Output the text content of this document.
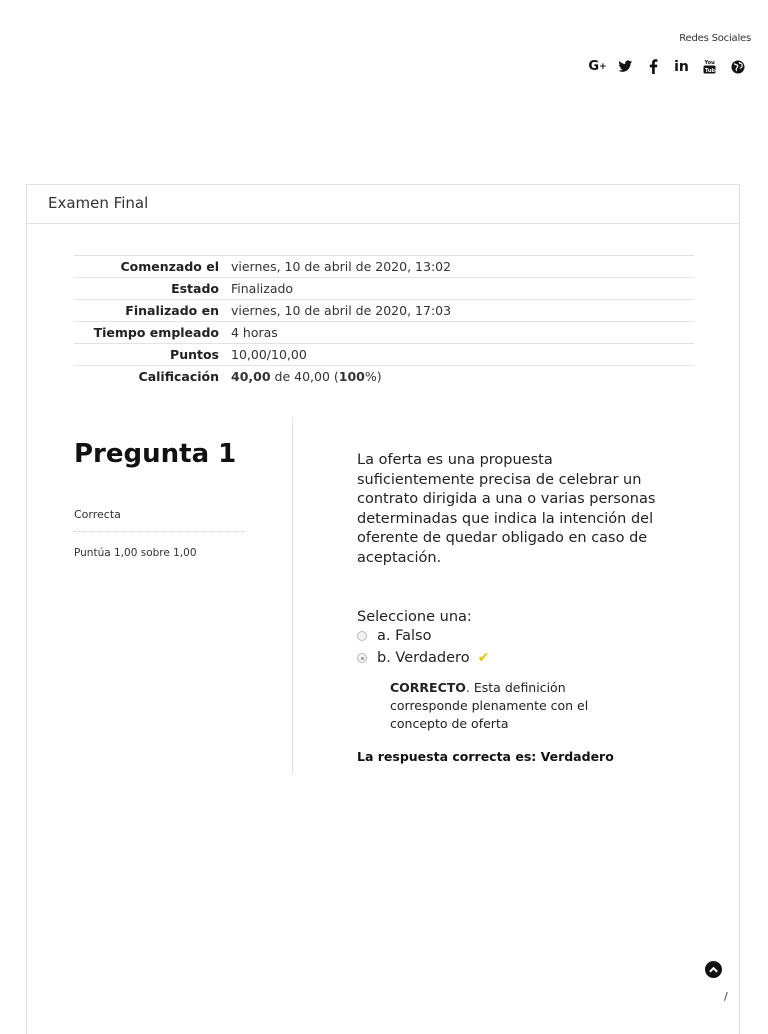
Redes Sociales
G +	in	You
Tube
Examen Final
Comenzado el	viernes, 10 de abril de 2020, 13:02
Estado	Finalizado
Finalizado en	viernes, 10 de abril de 2020, 17:03
Tiempo empleado	4 horas
Puntos	10,00/10,00
Calificación	40,00 de 40,00 (100%)
Pregunta 1
Correcta
Puntúa 1,00 sobre 1,00
La oferta es una propuesta suficientemente precisa de celebrar un contrato dirigida a una o varias personas determinadas que indica la intención del oferente de quedar obligado en caso de aceptación.
Seleccione una:
a. Falso
b. Verdadero ✔
CORRECTO. Esta definición corresponde plenamente con el concepto de oferta
La respuesta correcta es: Verdadero
/
